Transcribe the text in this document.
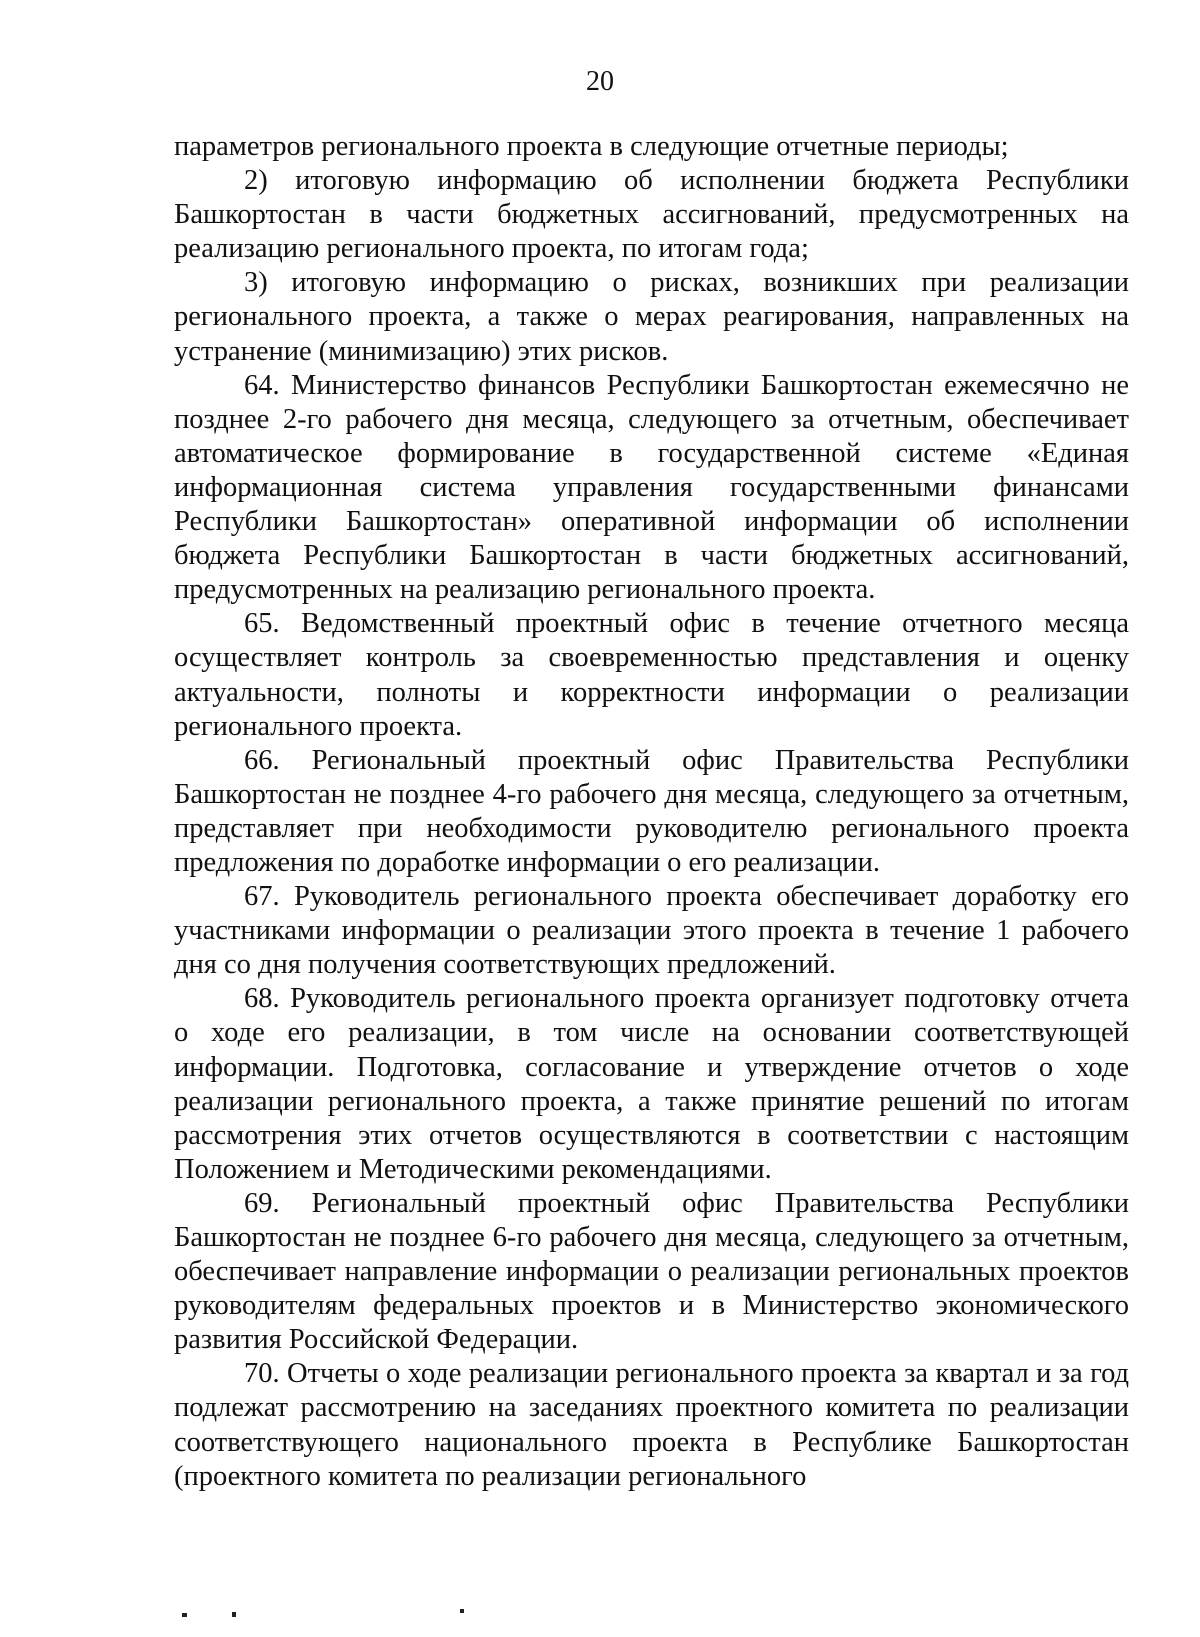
20

параметров регионального проекта в следующие отчетные периоды;

2) итоговую информацию об исполнении бюджета Республики Башкортостан в части бюджетных ассигнований, предусмотренных на реализацию регионального проекта, по итогам года;

3) итоговую информацию о рисках, возникших при реализации регионального проекта, а также о мерах реагирования, направленных на устранение (минимизацию) этих рисков.

64. Министерство финансов Республики Башкортостан ежемесячно не позднее 2-го рабочего дня месяца, следующего за отчетным, обеспечивает автоматическое формирование в государственной системе «Единая информационная система управления государственными финансами Республики Башкортостан» оперативной информации об исполнении бюджета Республики Башкортостан в части бюджетных ассигнований, предусмотренных на реализацию регионального проекта.

65. Ведомственный проектный офис в течение отчетного месяца осуществляет контроль за своевременностью представления и оценку актуальности, полноты и корректности информации о реализации регионального проекта.

66. Региональный проектный офис Правительства Республики Башкортостан не позднее 4-го рабочего дня месяца, следующего за отчетным, представляет при необходимости руководителю регионального проекта предложения по доработке информации о его реализации.

67. Руководитель регионального проекта обеспечивает доработку его участниками информации о реализации этого проекта в течение 1 рабочего дня со дня получения соответствующих предложений.

68. Руководитель регионального проекта организует подготовку отчета о ходе его реализации, в том числе на основании соответствующей информации. Подготовка, согласование и утверждение отчетов о ходе реализации регионального проекта, а также принятие решений по итогам рассмотрения этих отчетов осуществляются в соответствии с настоящим Положением и Методическими рекомендациями.

69. Региональный проектный офис Правительства Республики Башкортостан не позднее 6-го рабочего дня месяца, следующего за отчетным, обеспечивает направление информации о реализации региональных проектов руководителям федеральных проектов и в Министерство экономического развития Российской Федерации.

70. Отчеты о ходе реализации регионального проекта за квартал и за год подлежат рассмотрению на заседаниях проектного комитета по реализации соответствующего национального проекта в Республике Башкортостан (проектного комитета по реализации регионального
